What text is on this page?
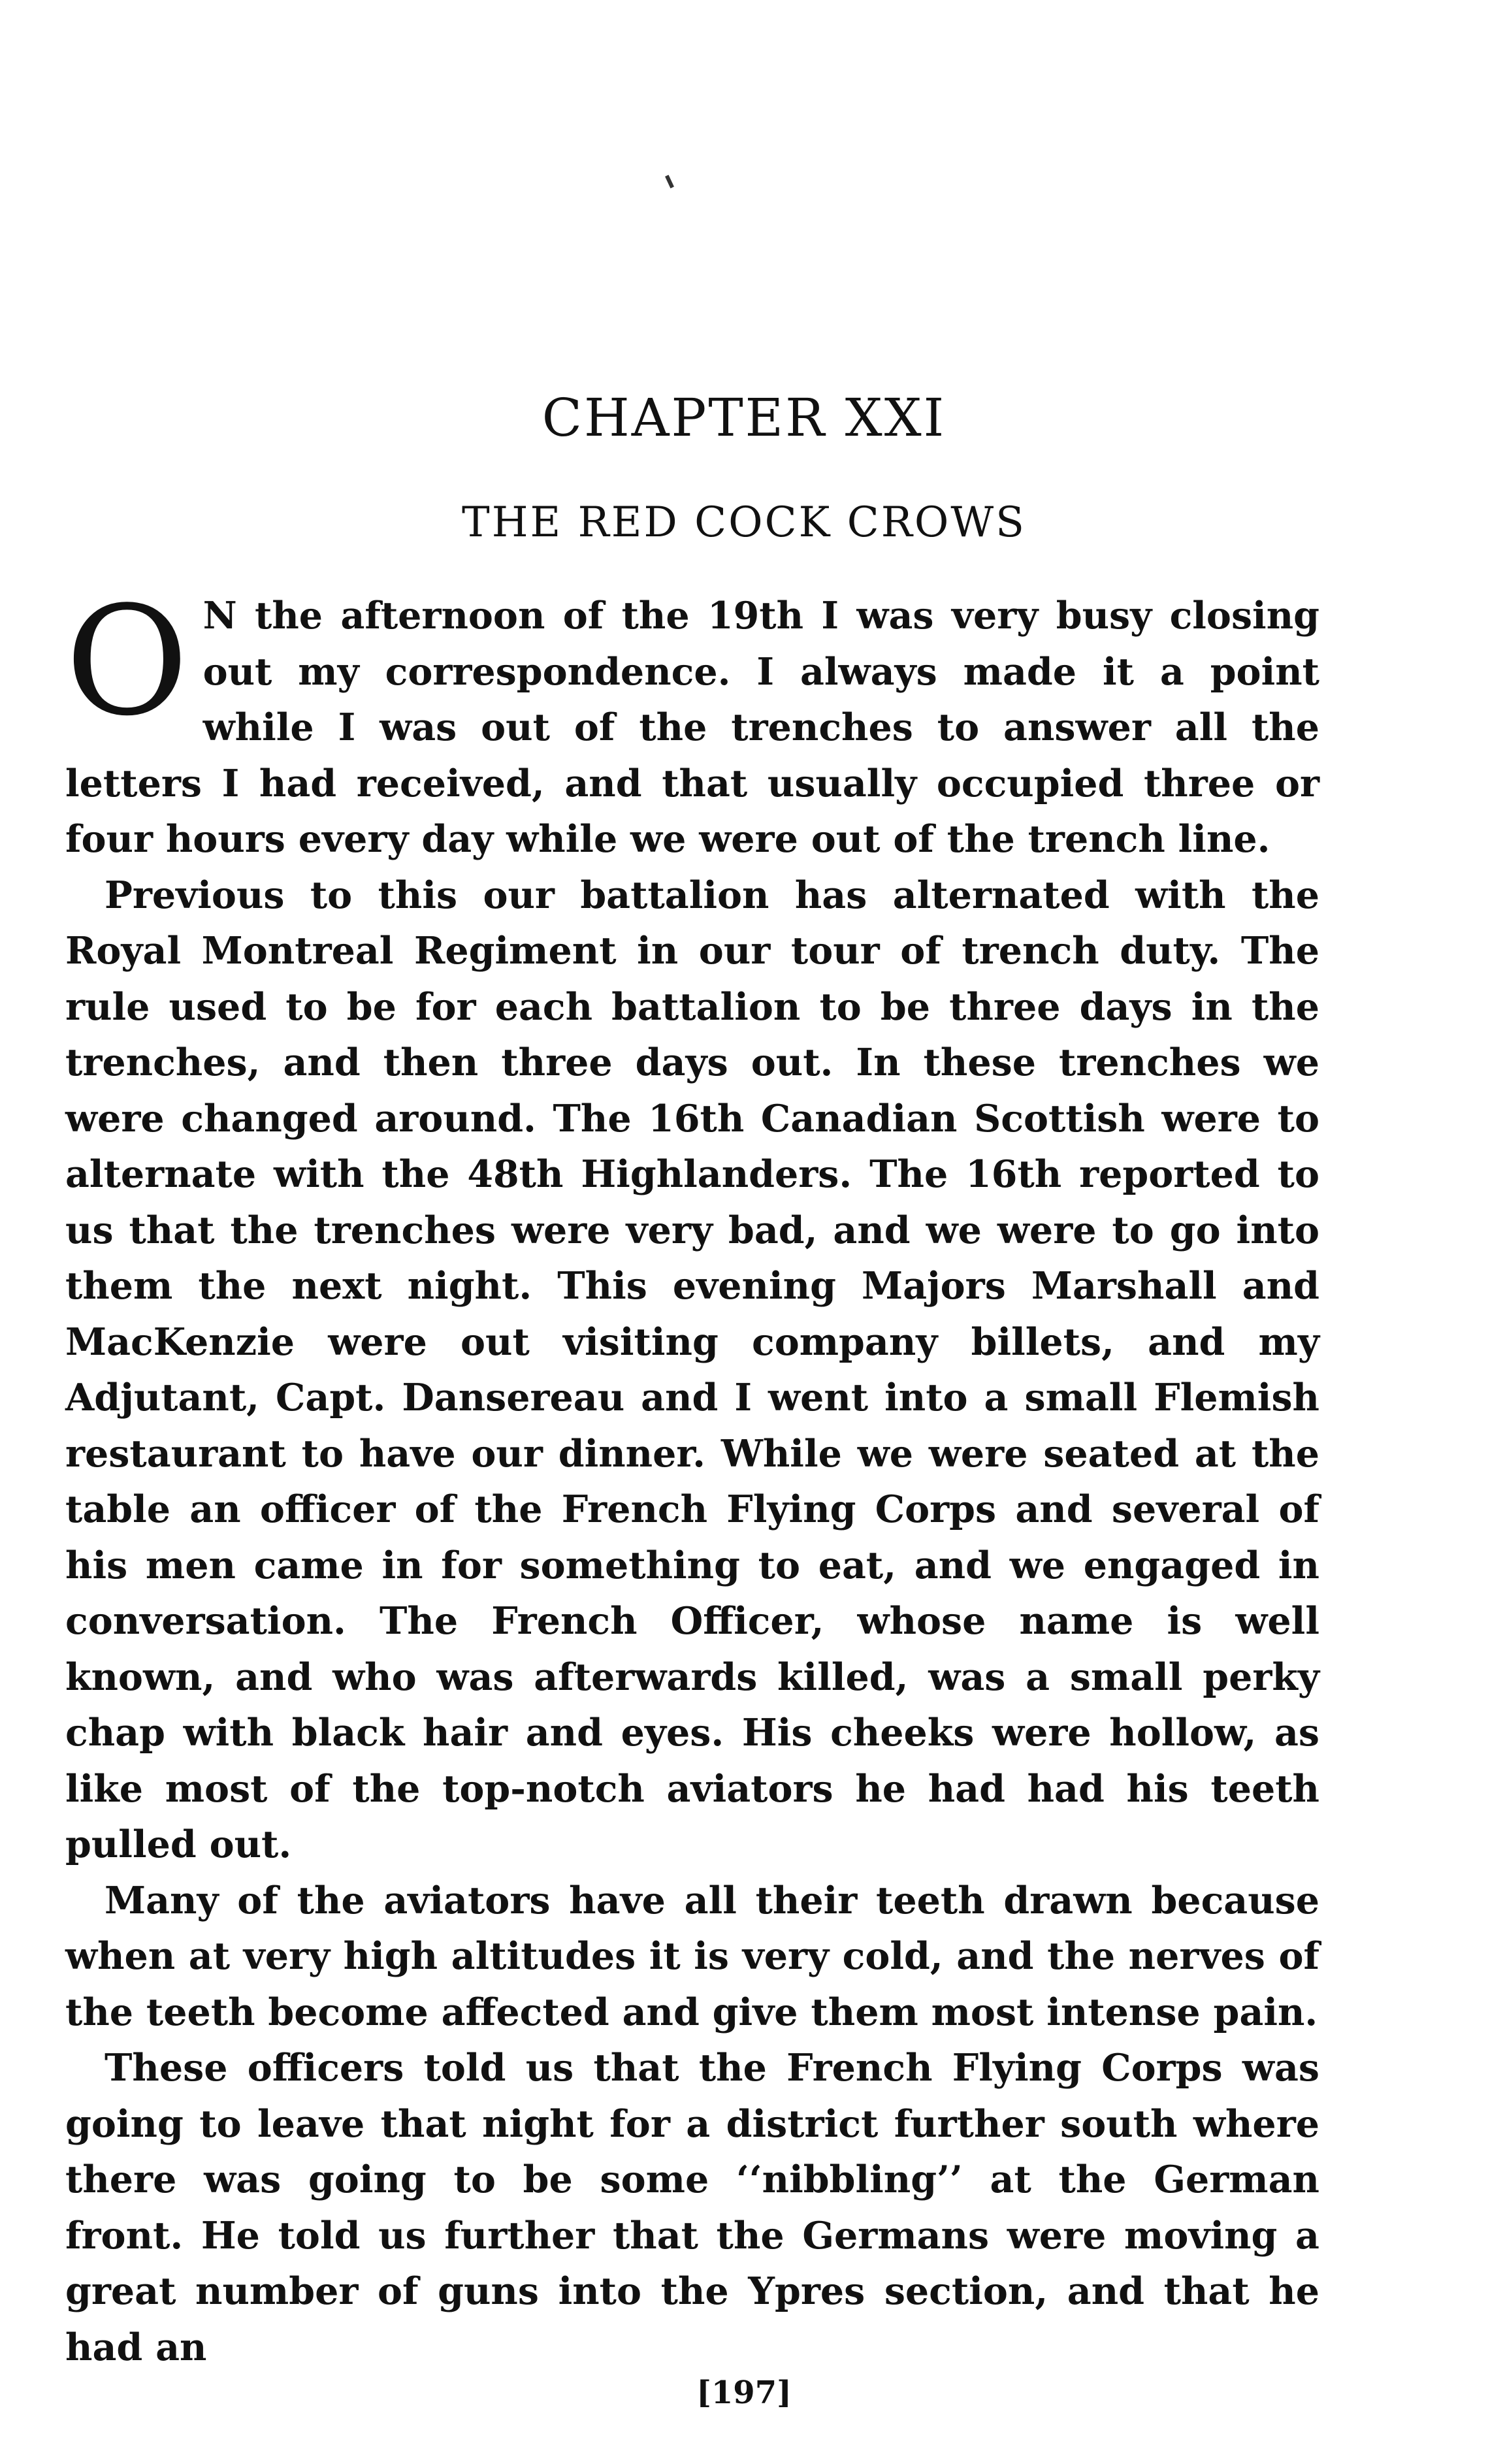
CHAPTER XXI
THE RED COCK CROWS

O N the afternoon of the 19th I was very busy closing out my correspondence. I always made it a point while I was out of the trenches to answer all the letters I had received, and that usually occupied three or four hours every day while we were out of the trench line.

Previous to this our battalion has alternated with the Royal Montreal Regiment in our tour of trench duty. The rule used to be for each battalion to be three days in the trenches, and then three days out. In these trenches we were changed around. The 16th Canadian Scottish were to alternate with the 48th Highlanders. The 16th reported to us that the trenches were very bad, and we were to go into them the next night. This evening Majors Marshall and MacKenzie were out visiting company billets, and my Adjutant, Capt. Dansereau and I went into a small Flemish restaurant to have our dinner. While we were seated at the table an officer of the French Flying Corps and several of his men came in for something to eat, and we engaged in conversation. The French Officer, whose name is well known, and who was afterwards killed, was a small perky chap with black hair and eyes. His cheeks were hollow, as like most of the top-notch aviators he had had his teeth pulled out.

Many of the aviators have all their teeth drawn because when at very high altitudes it is very cold, and the nerves of the teeth become affected and give them most intense pain.

These officers told us that the French Flying Corps was going to leave that night for a district further south where there was going to be some ‘‘nibbling’’ at the German front. He told us further that the Germans were moving a great number of guns into the Ypres section, and that he had an

[197]
